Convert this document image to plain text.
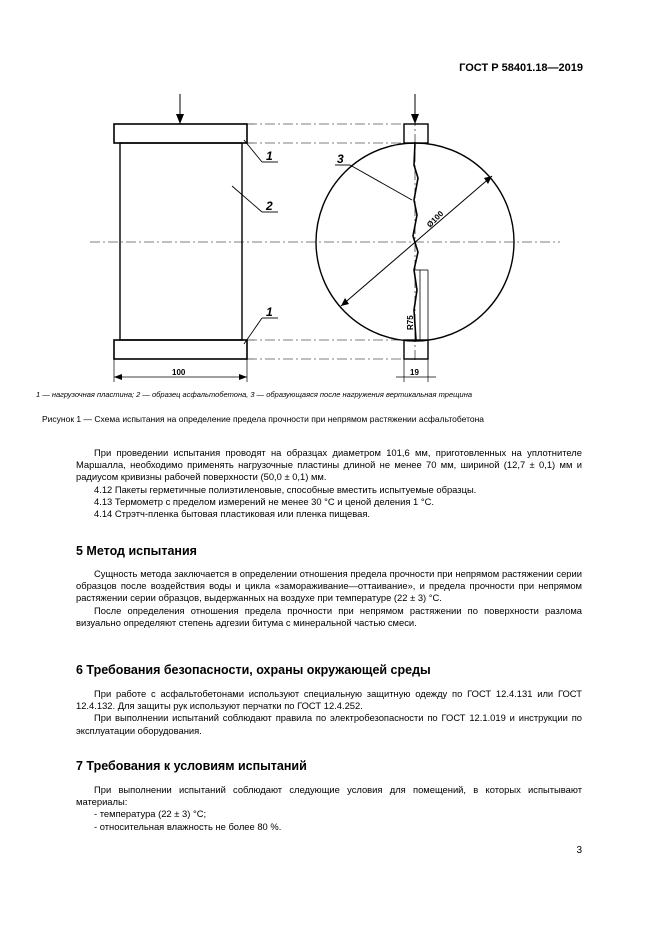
ГОСТ Р 58401.18—2019
1
2
1
3
100	19
Ø100
R75
1 — нагрузочная пластина; 2 — образец асфальтобетона, 3 — образующаяся после нагружения вертикальная трещина
Рисунок 1 — Схема испытания на определение предела прочности при непрямом растяжении асфальтобетона

При проведении испытания проводят на образцах диаметром 101,6 мм, приготовленных на уплотнителе Маршалла, необходимо применять нагрузочные пластины длиной не менее 70 мм, шириной (12,7 ± 0,1) мм и радиусом кривизны рабочей поверхности (50,0 ± 0,1) мм.

4.12 Пакеты герметичные полиэтиленовые, способные вместить испытуемые образцы.

4.13 Термометр с пределом измерений не менее 30 °С и ценой деления 1 °С.

4.14 Стрэтч-пленка бытовая пластиковая или пленка пищевая.

5 Метод испытания

Сущность метода заключается в определении отношения предела прочности при непрямом растяжении серии образцов после воздействия воды и цикла «замораживание—оттаивание», и предела прочности при непрямом растяжении серии образцов, выдержанных на воздухе при температуре (22 ± 3) °С.

После определения отношения предела прочности при непрямом растяжении по поверхности разлома визуально определяют степень адгезии битума с минеральной частью смеси.

6 Требования безопасности, охраны окружающей среды

При работе с асфальтобетонами используют специальную защитную одежду по ГОСТ 12.4.131 или ГОСТ 12.4.132. Для защиты рук используют перчатки по ГОСТ 12.4.252.

При выполнении испытаний соблюдают правила по электробезопасности по ГОСТ 12.1.019 и инструкции по эксплуатации оборудования.

7 Требования к условиям испытаний

При выполнении испытаний соблюдают следующие условия для помещений, в которых испытывают материалы:

- температура (22 ± 3) °С;

- относительная влажность не более 80 %.

3
